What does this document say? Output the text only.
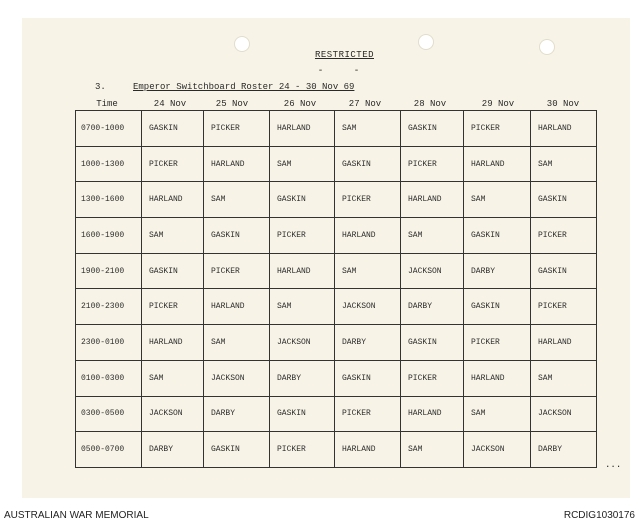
RESTRICTED
- -
3.	Emperor Switchboard Roster 24 - 30 Nov 69
Time	24 Nov	25 Nov	26 Nov	27 Nov	28 Nov	29 Nov	30 Nov
0700-1000	GASKIN	PICKER	HARLAND	SAM	GASKIN	PICKER	HARLAND
1000-1300	PICKER	HARLAND	SAM	GASKIN	PICKER	HARLAND	SAM
1300-1600	HARLAND	SAM	GASKIN	PICKER	HARLAND	SAM	GASKIN
1600-1900	SAM	GASKIN	PICKER	HARLAND	SAM	GASKIN	PICKER
1900-2100	GASKIN	PICKER	HARLAND	SAM	JACKSON	DARBY	GASKIN
2100-2300	PICKER	HARLAND	SAM	JACKSON	DARBY	GASKIN	PICKER
2300-0100	HARLAND	SAM	JACKSON	DARBY	GASKIN	PICKER	HARLAND
0100-0300	SAM	JACKSON	DARBY	GASKIN	PICKER	HARLAND	SAM
0300-0500	JACKSON	DARBY	GASKIN	PICKER	HARLAND	SAM	JACKSON
0500-0700	DARBY	GASKIN	PICKER	HARLAND	SAM	JACKSON	DARBY
...
AUSTRALIAN WAR MEMORIAL	RCDIG1030176
